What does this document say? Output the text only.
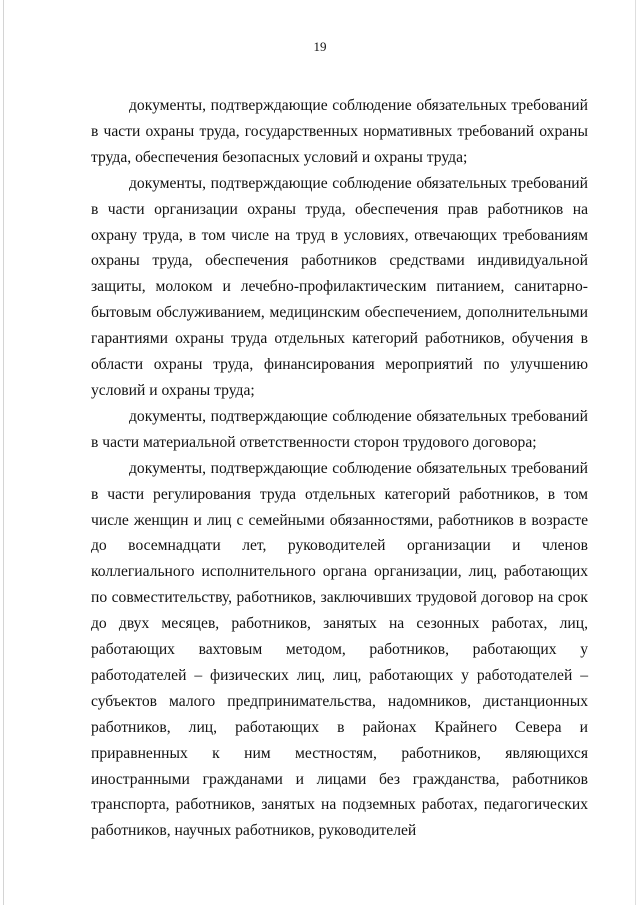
19

документы, подтверждающие соблюдение обязательных требований в части охраны труда, государственных нормативных требований охраны труда, обеспечения безопасных условий и охраны труда;

документы, подтверждающие соблюдение обязательных требований в части организации охраны труда, обеспечения прав работников на охрану труда, в том числе на труд в условиях, отвечающих требованиям охраны труда, обеспечения работников средствами индивидуальной защиты, молоком и лечебно-профилактическим питанием, санитарно-бытовым обслуживанием, медицинским обеспечением, дополнительными гарантиями охраны труда отдельных категорий работников, обучения в области охраны труда, финансирования мероприятий по улучшению условий и охраны труда;

документы, подтверждающие соблюдение обязательных требований в части материальной ответственности сторон трудового договора;

документы, подтверждающие соблюдение обязательных требований в части регулирования труда отдельных категорий работников, в том числе женщин и лиц с семейными обязанностями, работников в возрасте до восемнадцати лет, руководителей организации и членов коллегиального исполнительного органа организации, лиц, работающих по совместительству, работников, заключивших трудовой договор на срок до двух месяцев, работников, занятых на сезонных работах, лиц, работающих вахтовым методом, работников, работающих у работодателей – физических лиц, лиц, работающих у работодателей – субъектов малого предпринимательства, надомников, дистанционных работников, лиц, работающих в районах Крайнего Севера и приравненных к ним местностям, работников, являющихся иностранными гражданами и лицами без гражданства, работников транспорта, работников, занятых на подземных работах, педагогических работников, научных работников, руководителей
